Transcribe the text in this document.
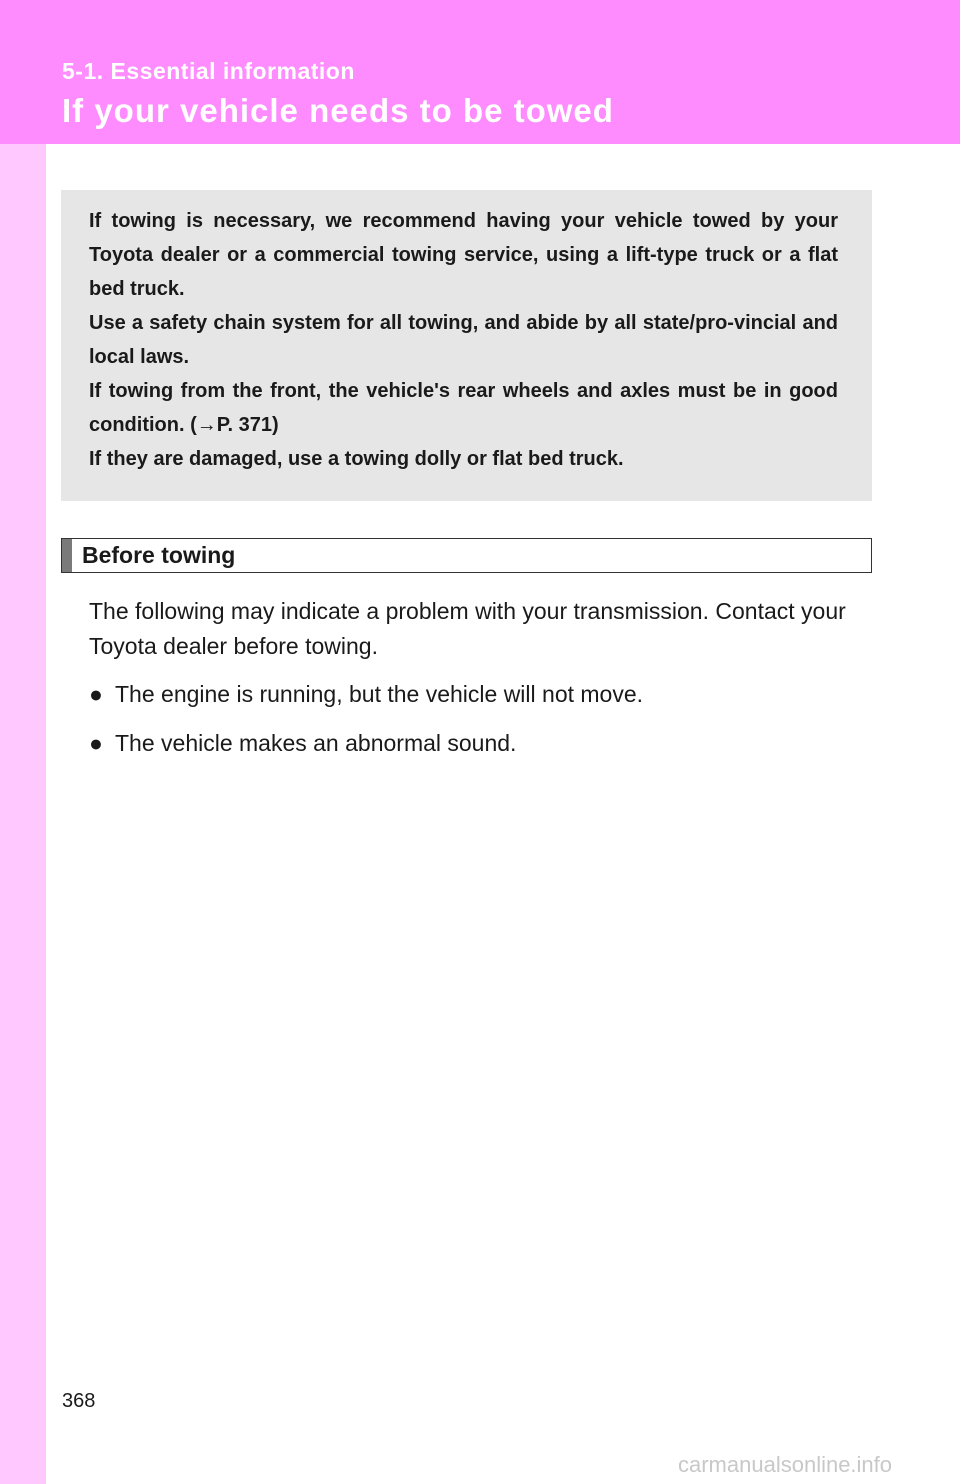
5-1. Essential information
If your vehicle needs to be towed

If towing is necessary, we recommend having your vehicle towed by your Toyota dealer or a commercial towing service, using a lift-type truck or a flat bed truck.

Use a safety chain system for all towing, and abide by all state/pro-vincial and local laws.

If towing from the front, the vehicle's rear wheels and axles must be in good condition. (→P. 371)

If they are damaged, use a towing dolly or flat bed truck.

Before towing
The following may indicate a problem with your transmission. Contact your Toyota dealer before towing.
● The engine is running, but the vehicle will not move.
● The vehicle makes an abnormal sound.
368
carmanualsonline.info
